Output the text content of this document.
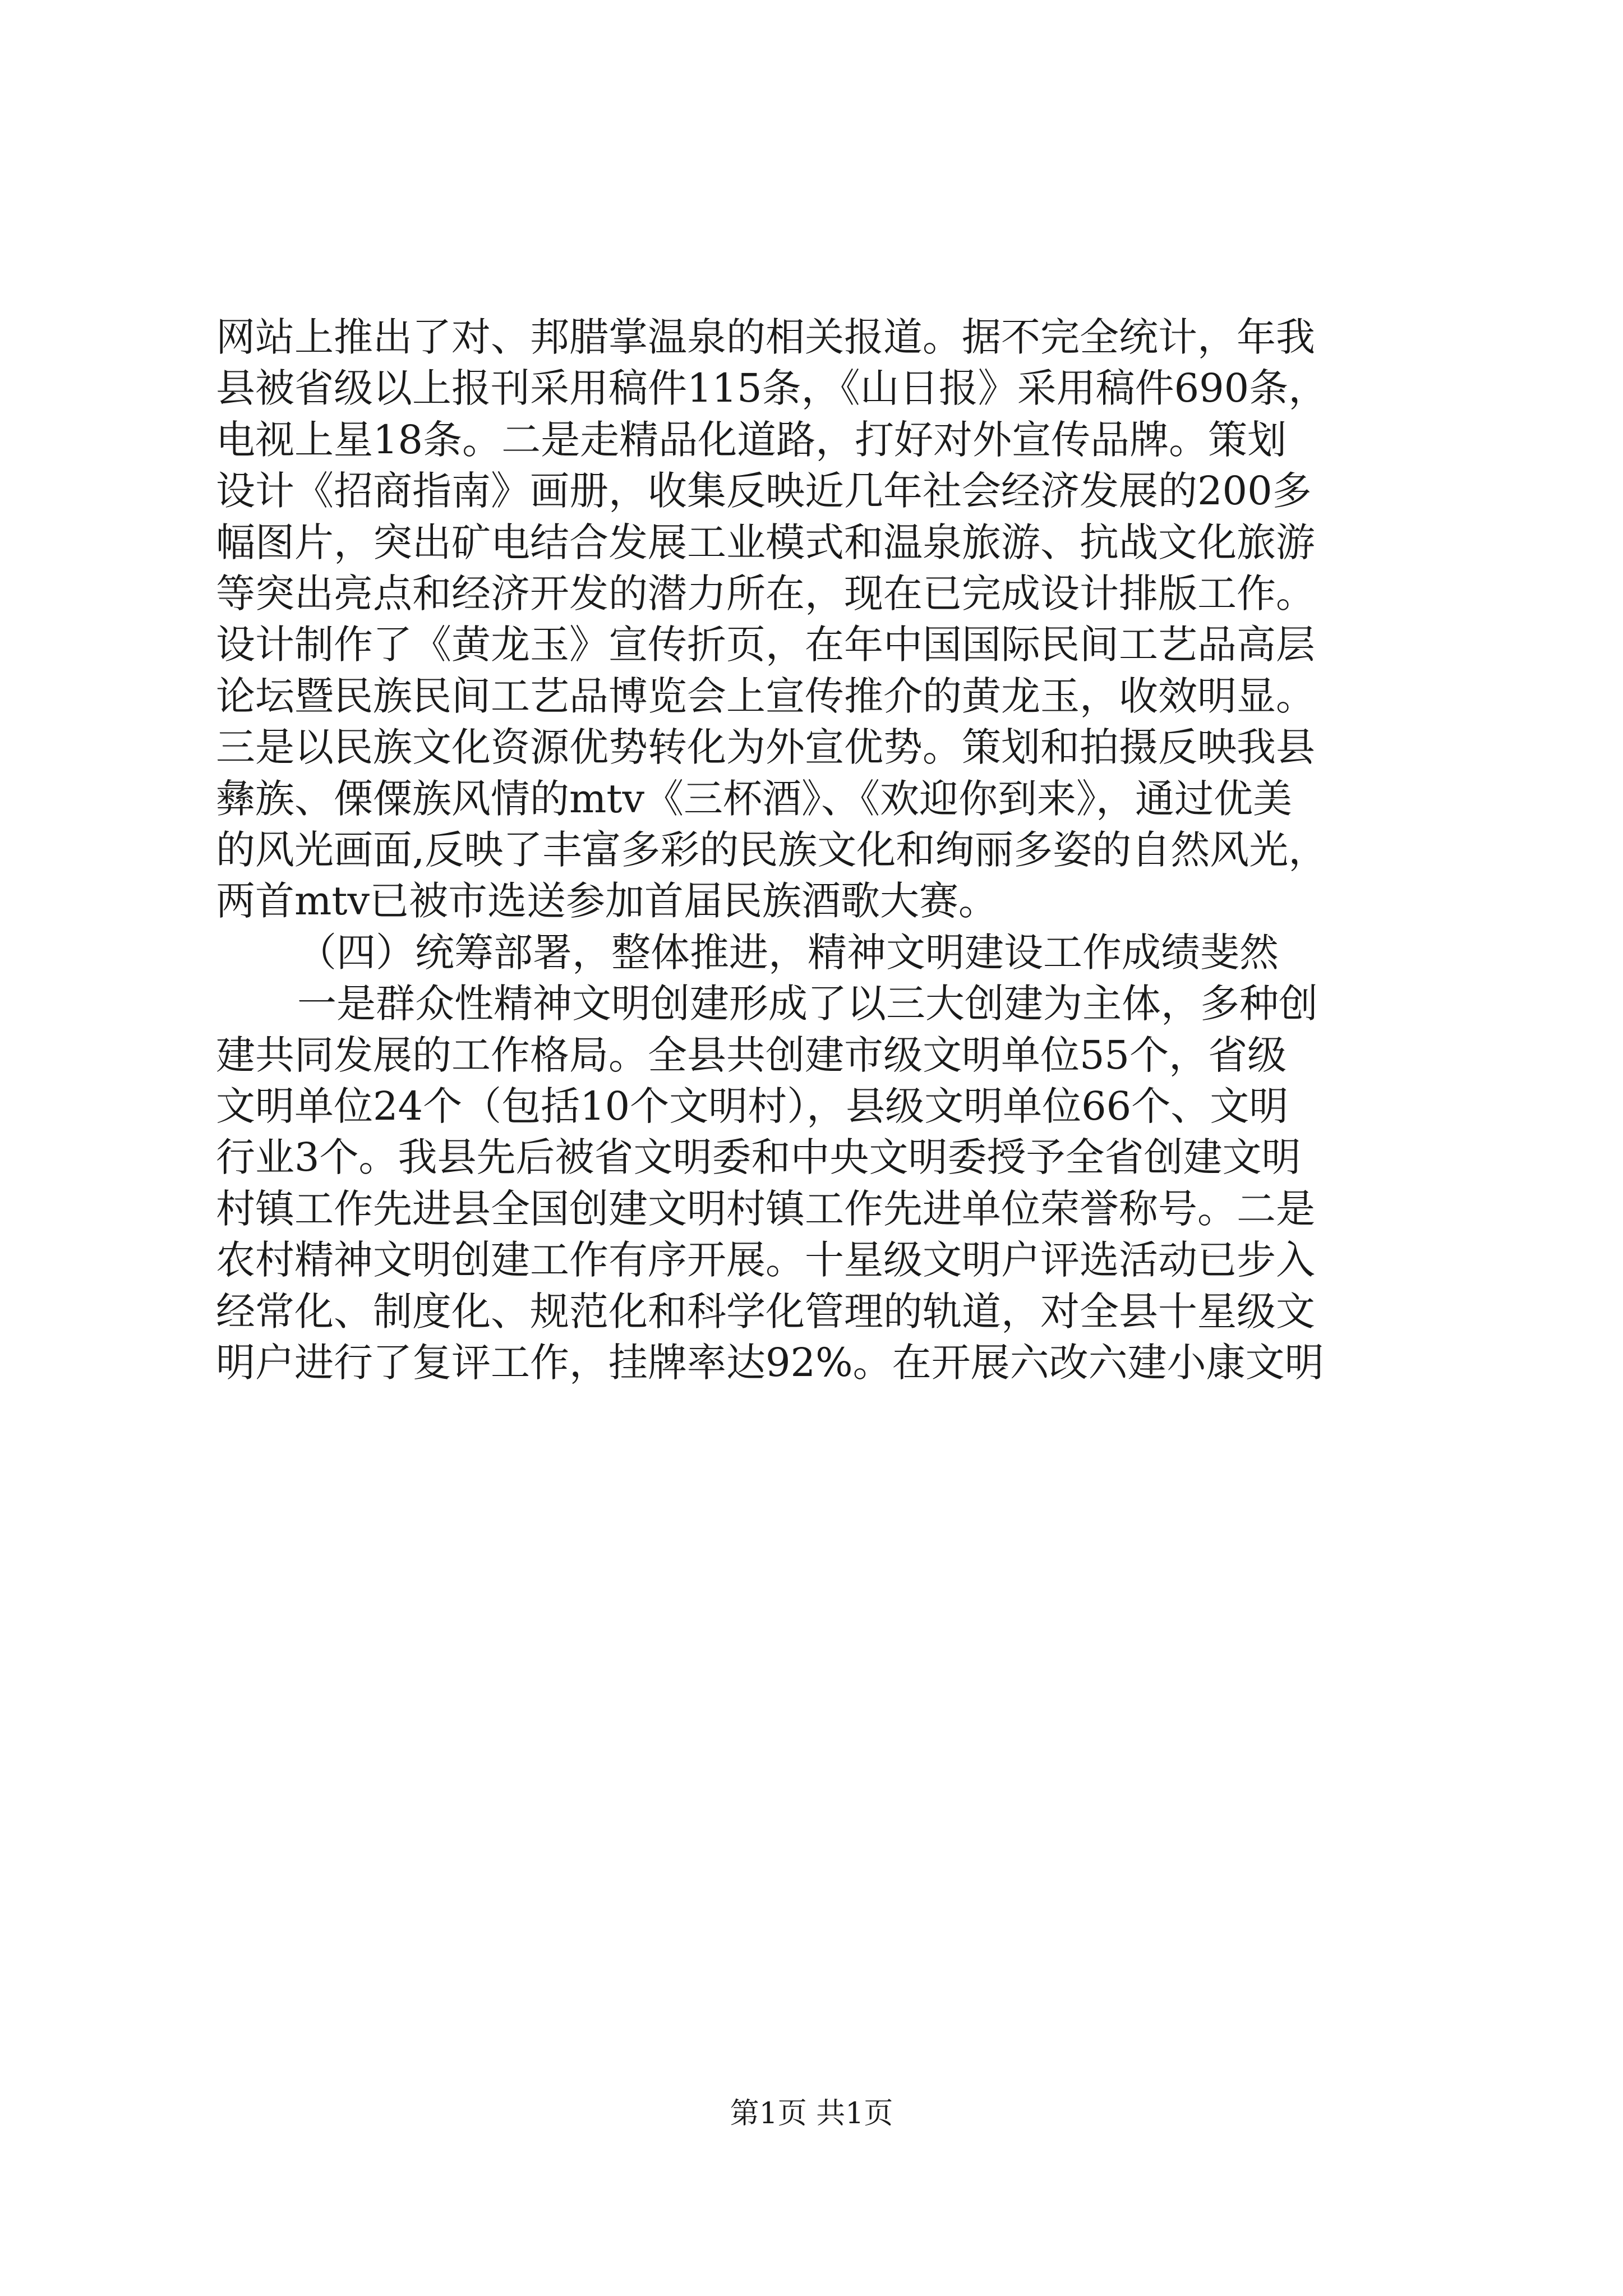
网站上推出了对、邦腊掌温泉的相关报道。据不完全统计，年我

县被省级以上报刊采用稿件115条，《山日报》采用稿件690条，

电视上星18条。二是走精品化道路，打好对外宣传品牌。策划

设计《招商指南》画册，收集反映近几年社会经济发展的200多

幅图片，突出矿电结合发展工业模式和温泉旅游、抗战文化旅游

等突出亮点和经济开发的潜力所在，现在已完成设计排版工作。

设计制作了《黄龙玉》宣传折页，在年中国国际民间工艺品高层

论坛暨民族民间工艺品博览会上宣传推介的黄龙玉，收效明显。

三是以民族文化资源优势转化为外宣优势。策划和拍摄反映我县

彝族、傈僳族风情的mtv《三杯酒》、《欢迎你到来》，通过优美

的风光画面,反映了丰富多彩的民族文化和绚丽多姿的自然风光，

两首mtv已被市选送参加首届民族酒歌大赛。

（四）统筹部署，整体推进，精神文明建设工作成绩斐然

一是群众性精神文明创建形成了以三大创建为主体，多种创

建共同发展的工作格局。全县共创建市级文明单位55个，省级

文明单位24个（包括10个文明村），县级文明单位66个、文明

行业3个。我县先后被省文明委和中央文明委授予全省创建文明

村镇工作先进县全国创建文明村镇工作先进单位荣誉称号。二是

农村精神文明创建工作有序开展。十星级文明户评选活动已步入

经常化、制度化、规范化和科学化管理的轨道，对全县十星级文

明户进行了复评工作，挂牌率达92%。在开展六改六建小康文明

第1页 共1页
